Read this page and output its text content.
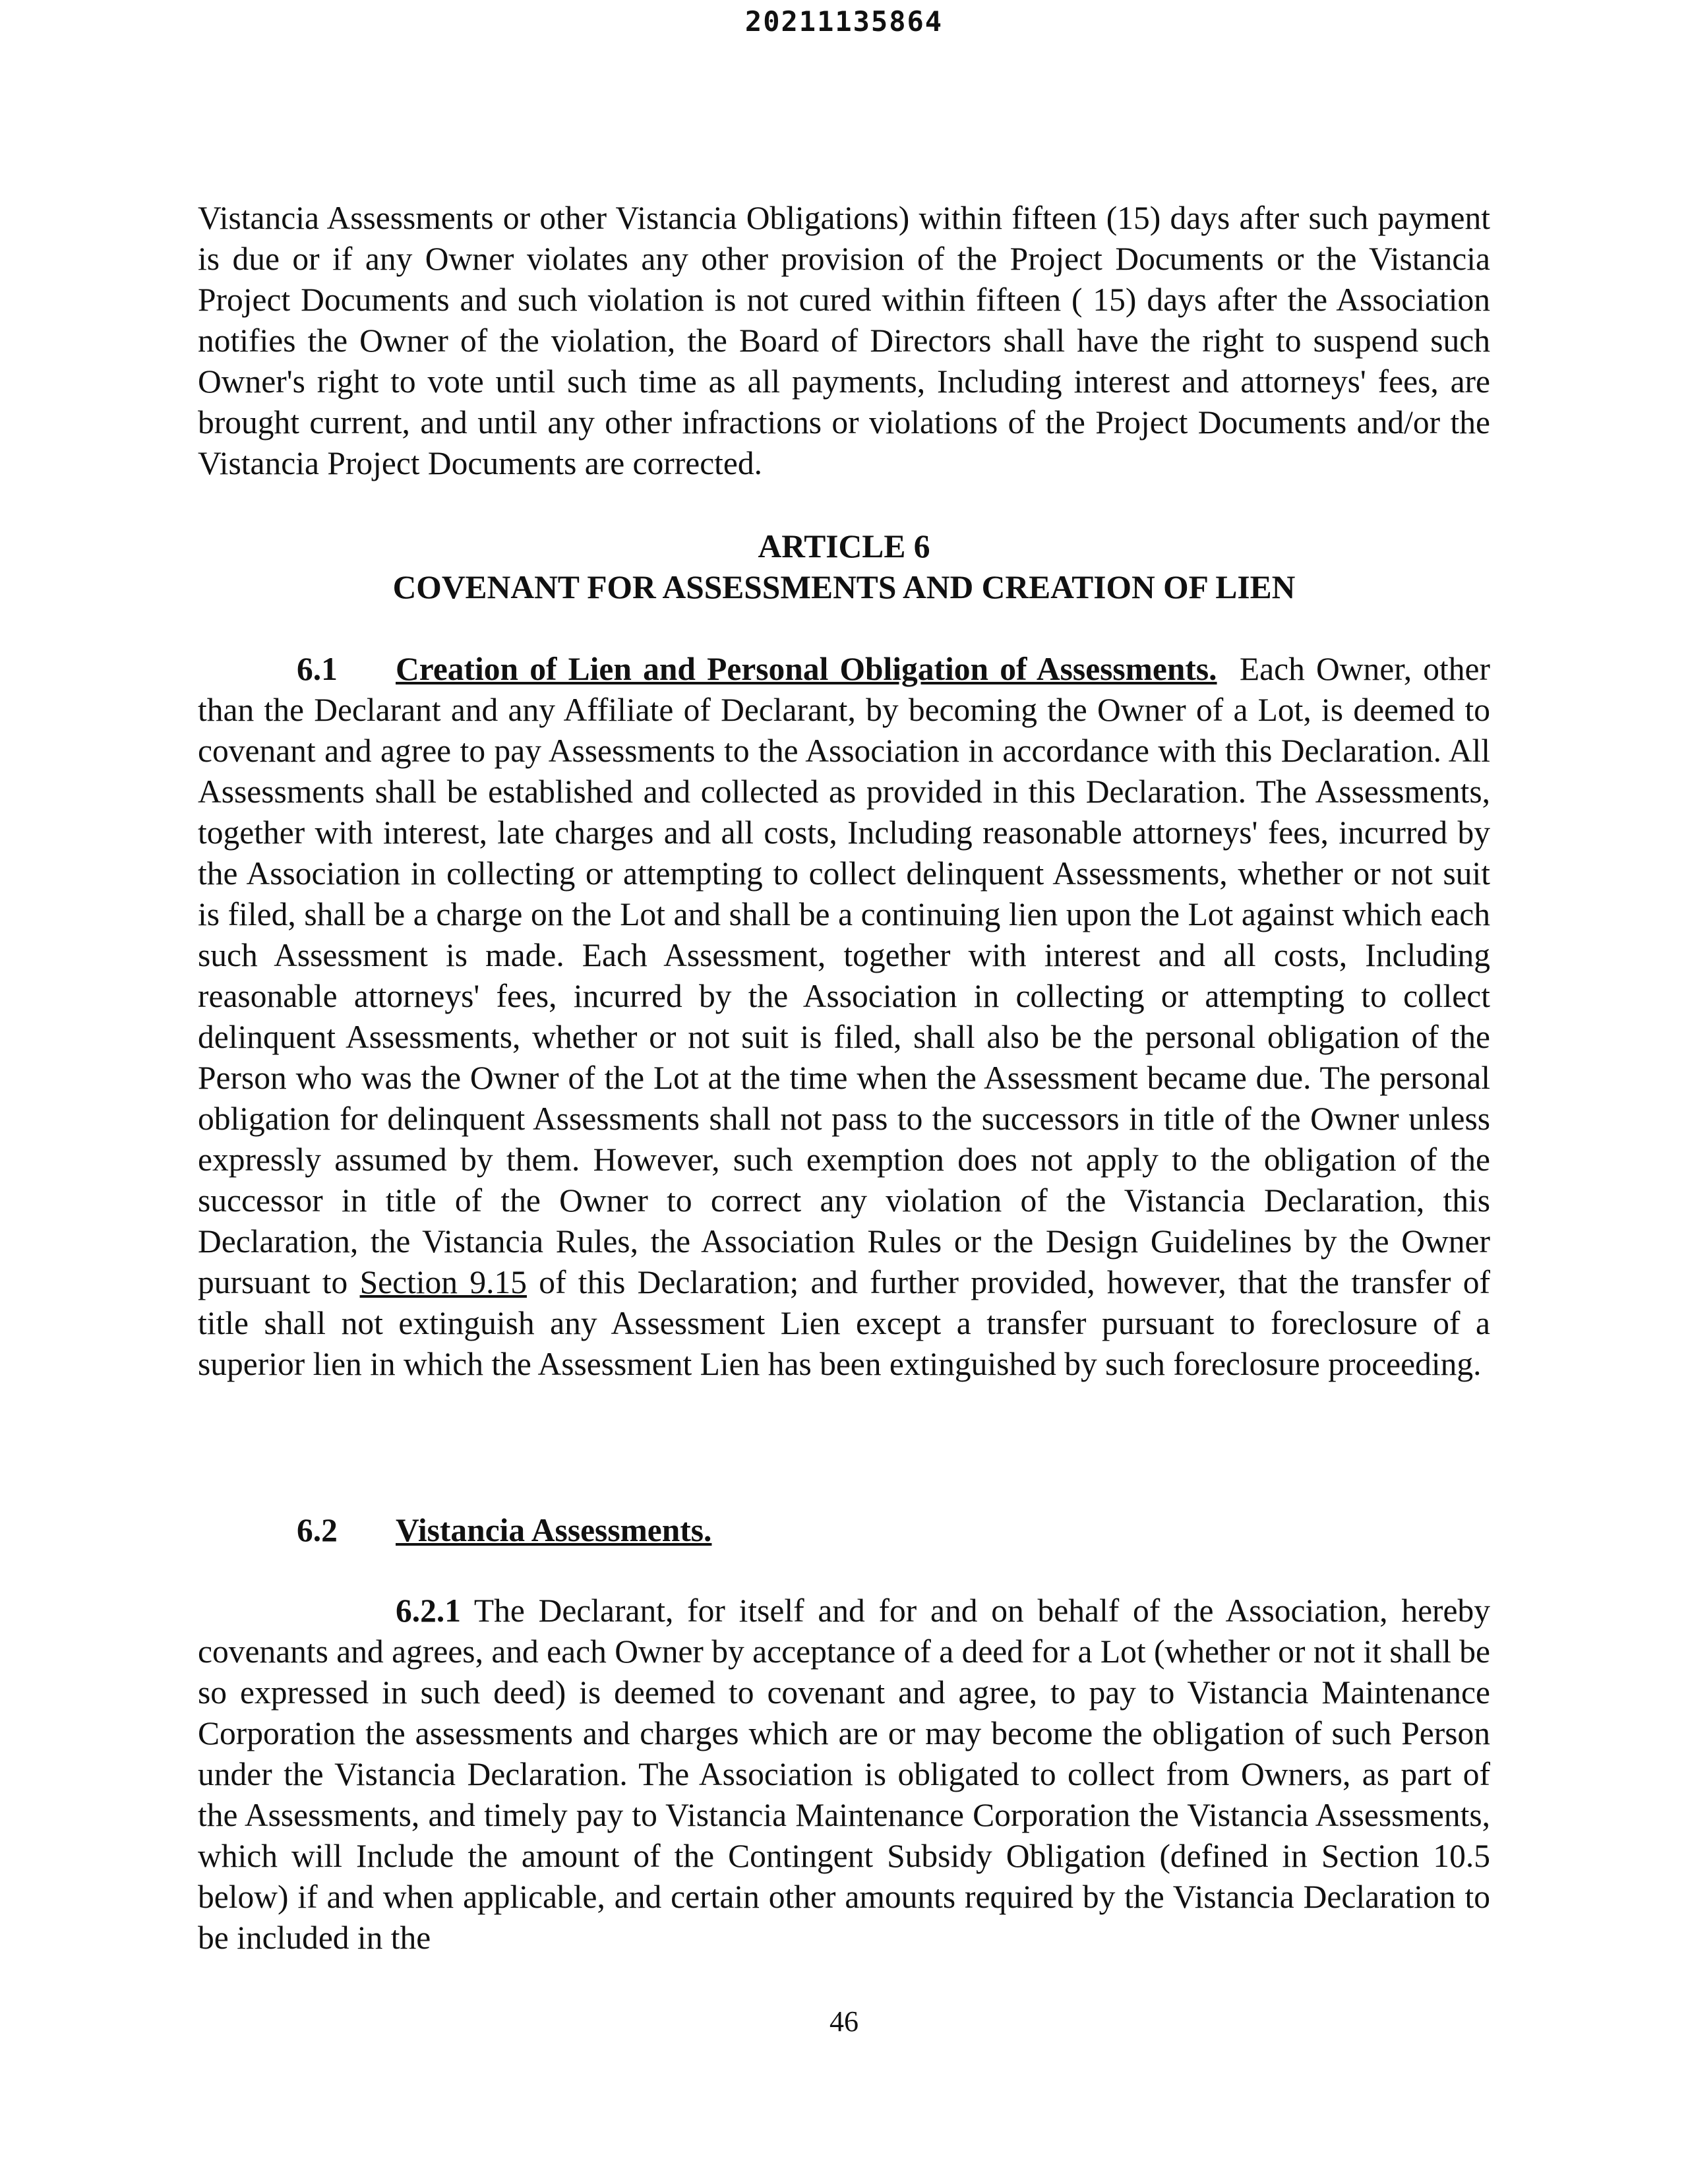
20211135864
Vistancia Assessments or other Vistancia Obligations) within fifteen (15) days after such payment is due or if any Owner violates any other provision of the Project Documents or the Vistancia Project Documents and such violation is not cured within fifteen ( 15) days after the Association notifies the Owner of the violation, the Board of Directors shall have the right to suspend such Owner's right to vote until such time as all payments, Including interest and attorneys' fees, are brought current, and until any other infractions or violations of the Project Documents and/or the Vistancia Project Documents are corrected.
ARTICLE 6
COVENANT FOR ASSESSMENTS AND CREATION OF LIEN
6.1 Creation of Lien and Personal Obligation of Assessments. Each Owner, other than the Declarant and any Affiliate of Declarant, by becoming the Owner of a Lot, is deemed to covenant and agree to pay Assessments to the Association in accordance with this Declaration. All Assessments shall be established and collected as provided in this Declaration. The Assessments, together with interest, late charges and all costs, Including reasonable attorneys' fees, incurred by the Association in collecting or attempting to collect delinquent Assessments, whether or not suit is filed, shall be a charge on the Lot and shall be a continuing lien upon the Lot against which each such Assessment is made. Each Assessment, together with interest and all costs, Including reasonable attorneys' fees, incurred by the Association in collecting or attempting to collect delinquent Assessments, whether or not suit is filed, shall also be the personal obligation of the Person who was the Owner of the Lot at the time when the Assessment became due. The personal obligation for delinquent Assessments shall not pass to the successors in title of the Owner unless expressly assumed by them. However, such exemption does not apply to the obligation of the successor in title of the Owner to correct any violation of the Vistancia Declaration, this Declaration, the Vistancia Rules, the Association Rules or the Design Guidelines by the Owner pursuant to Section 9.15 of this Declaration; and further provided, however, that the transfer of title shall not extinguish any Assessment Lien except a transfer pursuant to foreclosure of a superior lien in which the Assessment Lien has been extinguished by such foreclosure proceeding.
6.2 Vistancia Assessments.
6.2.1 The Declarant, for itself and for and on behalf of the Association, hereby covenants and agrees, and each Owner by acceptance of a deed for a Lot (whether or not it shall be so expressed in such deed) is deemed to covenant and agree, to pay to Vistancia Maintenance Corporation the assessments and charges which are or may become the obligation of such Person under the Vistancia Declaration. The Association is obligated to collect from Owners, as part of the Assessments, and timely pay to Vistancia Maintenance Corporation the Vistancia Assessments, which will Include the amount of the Contingent Subsidy Obligation (defined in Section 10.5 below) if and when applicable, and certain other amounts required by the Vistancia Declaration to be included in the
46
